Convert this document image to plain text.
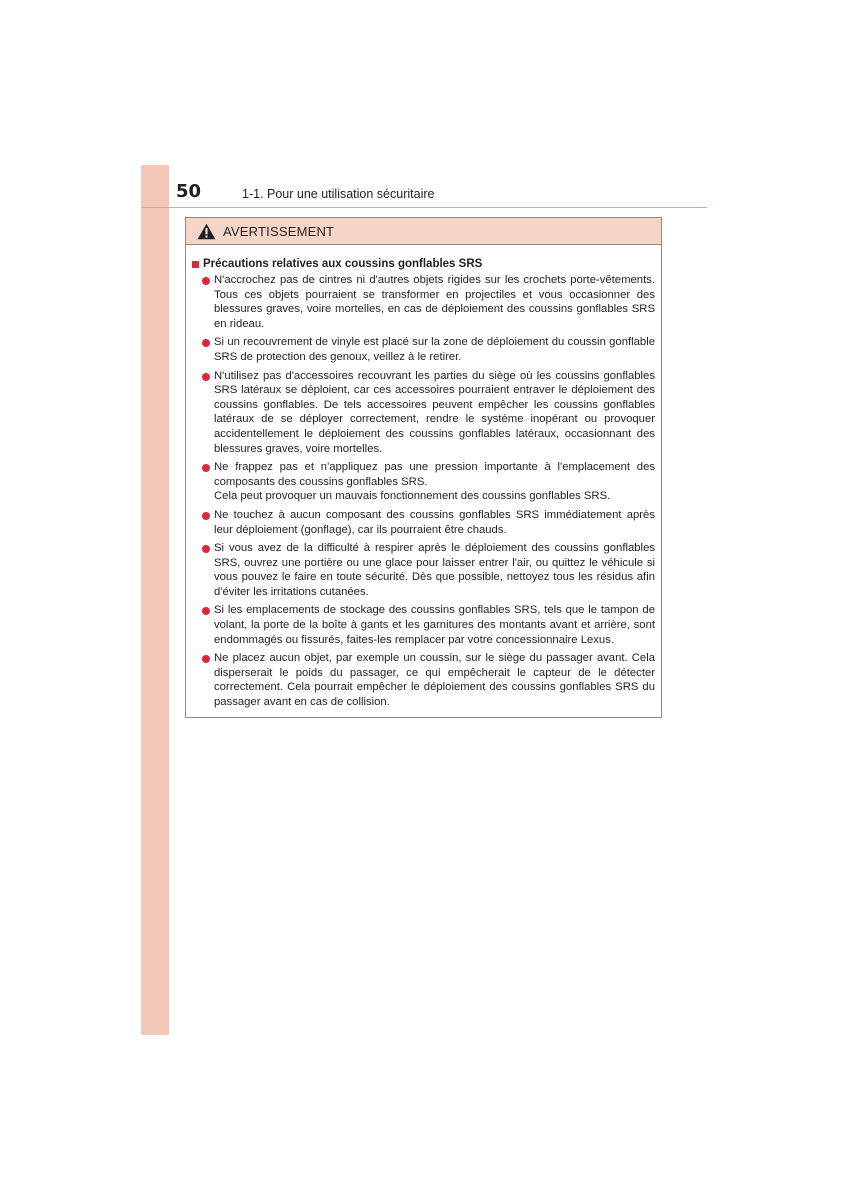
50	1-1. Pour une utilisation sécuritaire
AVERTISSEMENT
Précautions relatives aux coussins gonflables SRS
N'accrochez pas de cintres ni d'autres objets rigides sur les crochets porte-vêtements. Tous ces objets pourraient se transformer en projectiles et vous occasionner des blessures graves, voire mortelles, en cas de déploiement des coussins gonflables SRS en rideau.
Si un recouvrement de vinyle est placé sur la zone de déploiement du coussin gonflable SRS de protection des genoux, veillez à le retirer.
N'utilisez pas d'accessoires recouvrant les parties du siège où les coussins gonflables SRS latéraux se déploient, car ces accessoires pourraient entraver le déploiement des coussins gonflables. De tels accessoires peuvent empêcher les coussins gonflables latéraux de se déployer correctement, rendre le système inopérant ou provoquer accidentellement le déploiement des coussins gonflables latéraux, occasionnant des blessures graves, voire mortelles.
Ne frappez pas et n'appliquez pas une pression importante à l'emplacement des composants des coussins gonflables SRS.
Cela peut provoquer un mauvais fonctionnement des coussins gonflables SRS.
Ne touchez à aucun composant des coussins gonflables SRS immédiatement après leur déploiement (gonflage), car ils pourraient être chauds.
Si vous avez de la difficulté à respirer après le déploiement des coussins gonflables SRS, ouvrez une portière ou une glace pour laisser entrer l'air, ou quittez le véhicule si vous pouvez le faire en toute sécurité. Dès que possible, nettoyez tous les résidus afin d'éviter les irritations cutanées.
Si les emplacements de stockage des coussins gonflables SRS, tels que le tampon de volant, la porte de la boîte à gants et les garnitures des montants avant et arrière, sont endommagés ou fissurés, faites-les remplacer par votre concessionnaire Lexus.
Ne placez aucun objet, par exemple un coussin, sur le siège du passager avant. Cela disperserait le poids du passager, ce qui empêcherait le capteur de le détecter correctement. Cela pourrait empêcher le déploiement des coussins gonflables SRS du passager avant en cas de collision.
